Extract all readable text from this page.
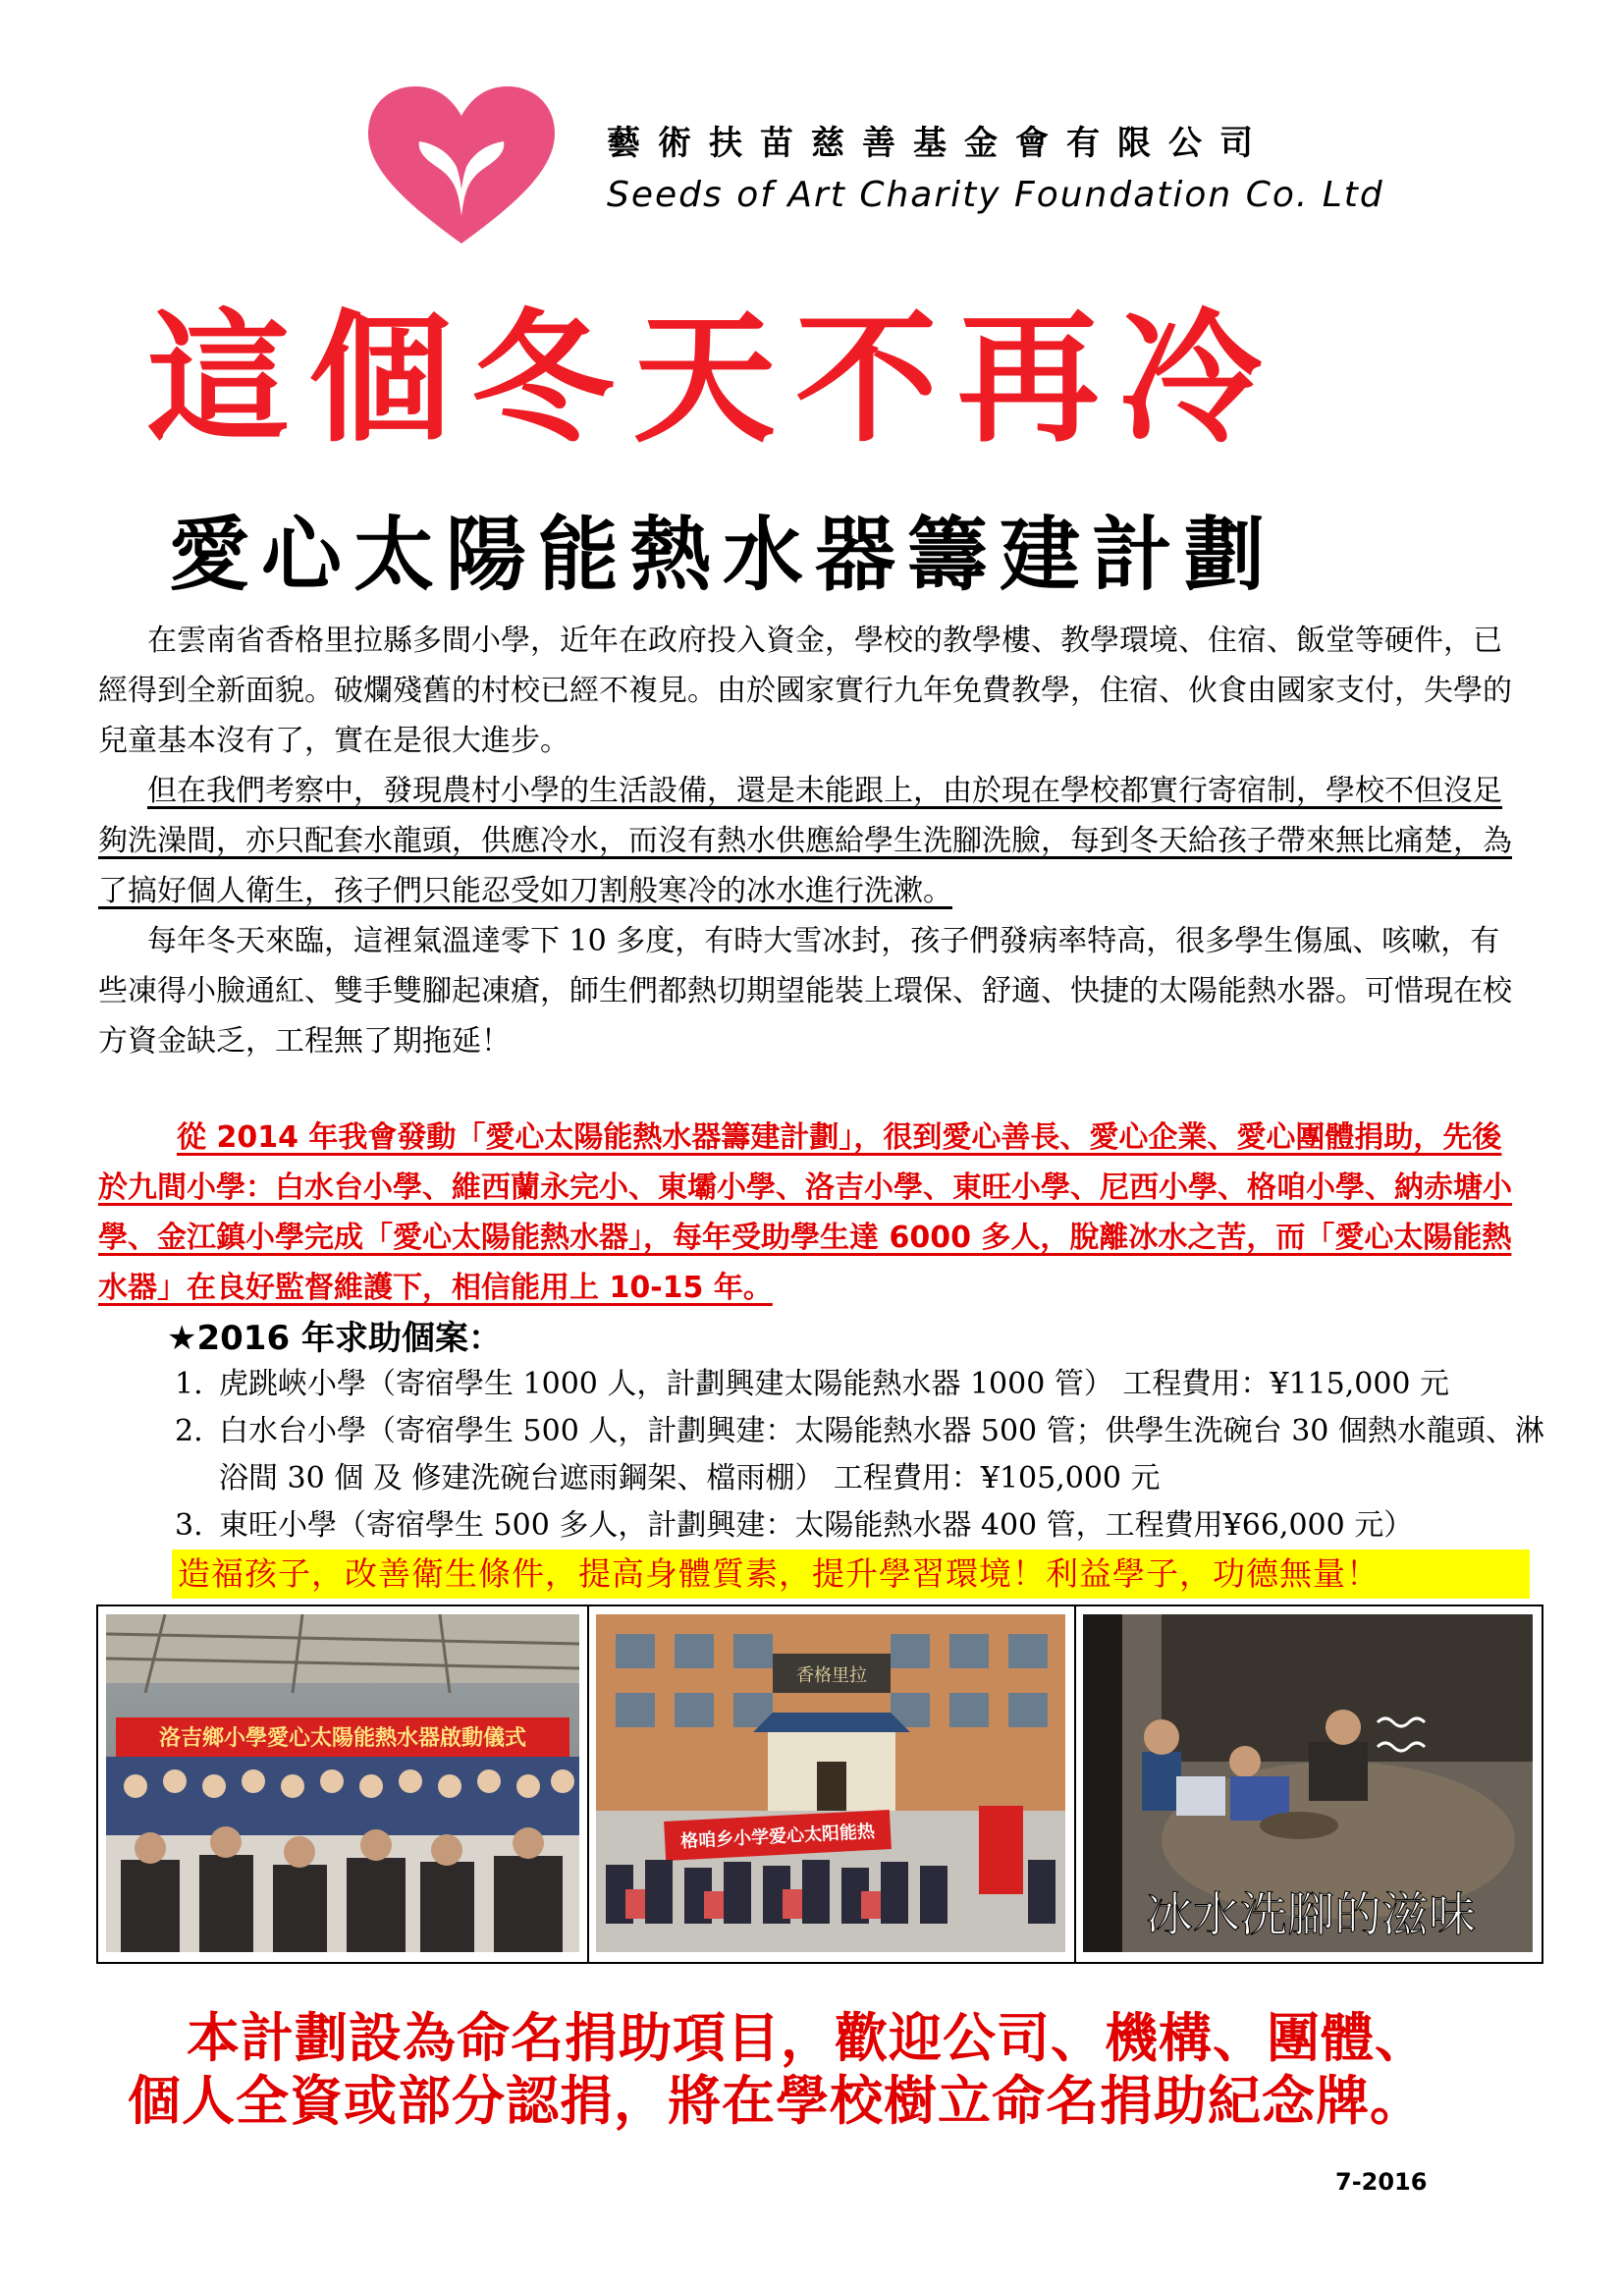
藝術扶苗慈善基金會有限公司
Seeds of Art Charity Foundation Co. Ltd
這個冬天不再冷
愛心太陽能熱水器籌建計劃
在雲南省香格里拉縣多間小學，近年在政府投入資金，學校的教學樓、教學環境、住宿、飯堂等硬件，已經得到全新面貌。破爛殘舊的村校已經不複見。由於國家實行九年免費教學，住宿、伙食由國家支付，失學的兒童基本沒有了，實在是很大進步。
但在我們考察中，發現農村小學的生活設備，還是未能跟上，由於現在學校都實行寄宿制，學校不但沒足夠洗澡間，亦只配套水龍頭，供應冷水，而沒有熱水供應給學生洗腳洗臉，每到冬天給孩子帶來無比痛楚，為了搞好個人衛生，孩子們只能忍受如刀割般寒冷的冰水進行洗漱。
每年冬天來臨，這裡氣溫達零下 10 多度，有時大雪冰封，孩子們發病率特高，很多學生傷風、咳嗽，有些凍得小臉通紅、雙手雙腳起凍瘡，師生們都熱切期望能裝上環保、舒適、快捷的太陽能熱水器。可惜現在校方資金缺乏，工程無了期拖延！
從 2014 年我會發動「愛心太陽能熱水器籌建計劃」，很到愛心善長、愛心企業、愛心團體捐助，先後於九間小學：白水台小學、維西蘭永完小、東壩小學、洛吉小學、東旺小學、尼西小學、格咱小學、納赤塘小學、金江鎮小學完成「愛心太陽能熱水器」，每年受助學生達 6000 多人，脫離冰水之苦，而「愛心太陽能熱水器」在良好監督維護下，相信能用上 10-15 年。
★2016 年求助個案：
1. 虎跳峽小學（寄宿學生 1000 人，計劃興建太陽能熱水器 1000 管） 工程費用：¥115,000 元
2. 白水台小學（寄宿學生 500 人，計劃興建：太陽能熱水器 500 管；供學生洗碗台 30 個熱水龍頭、淋浴間 30 個 及 修建洗碗台遮雨鋼架、檔雨棚） 工程費用：¥105,000 元
3. 東旺小學（寄宿學生 500 多人，計劃興建：太陽能熱水器 400 管，工程費用¥66,000 元）
造福孩子，改善衛生條件，提高身體質素，提升學習環境！利益學子，功德無量！
洛吉鄉小學愛心太陽能熱水器啟動儀式
香格里拉
格咱乡小学爱心太阳能热
冰水洗腳的滋味
本計劃設為命名捐助項目，歡迎公司、機構、團體、
個人全資或部分認捐，將在學校樹立命名捐助紀念牌。
7-2016
